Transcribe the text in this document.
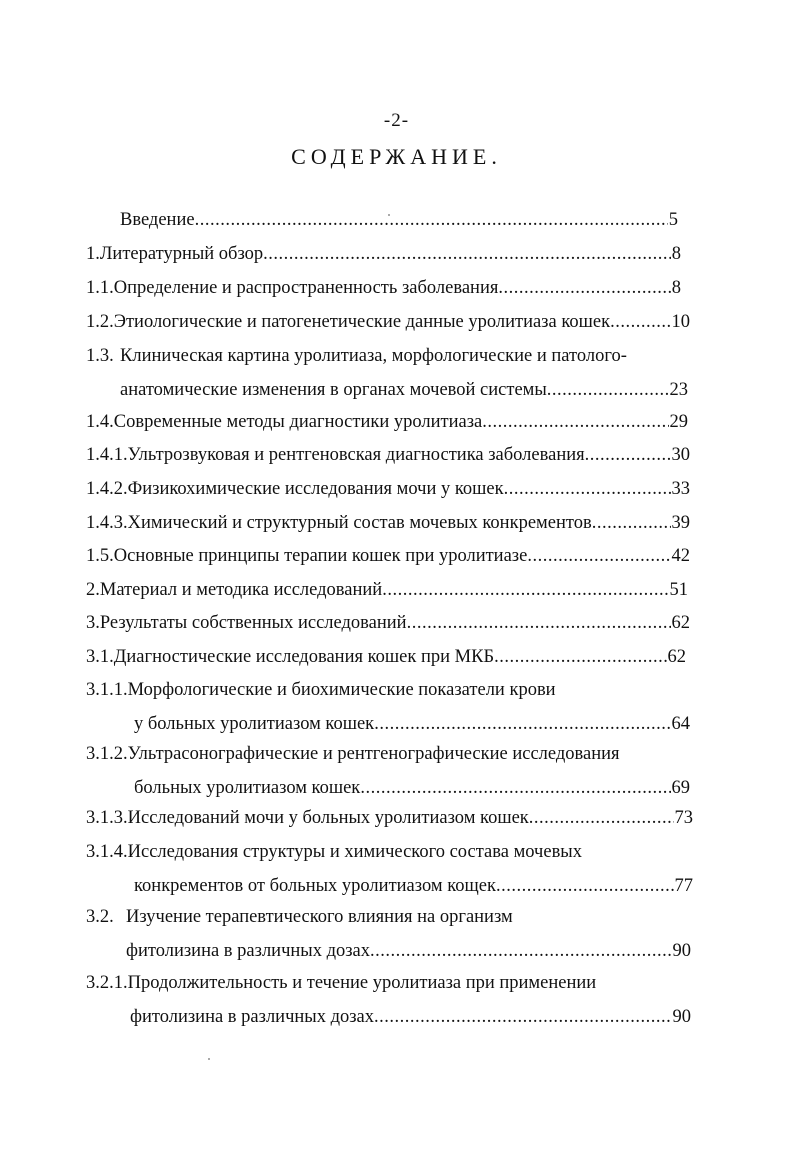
-2-
СОДЕРЖАНИЕ.
Введение .....	5
1. Литературный обзор .....	8
1.1. Определение и распространенность заболевания .....	8
1.2. Этиологические и патогенетические данные уролитиаза кошек .....	10
1.3. Клиническая картина уролитиаза, морфологические и патолого-
анатомические изменения в органах мочевой системы .....	23
1.4. Современные методы диагностики уролитиаза .....	29
1.4.1. Ультрозвуковая и рентгеновская диагностика заболевания .....	30
1.4.2. Физикохимические исследования мочи у кошек .....	33
1.4.3. Химический и структурный состав мочевых конкрементов .....	39
1.5. Основные принципы терапии кошек при уролитиазе .....	42
2. Материал и методика исследований .....	51
3. Результаты собственных исследований .....	62
3.1. Диагностические исследования кошек при МКБ .....	62
3.1.1. Морфологические и биохимические показатели крови
у больных уролитиазом кошек .....	64
3.1.2. Ультрасонографические и рентгенографические исследования
больных уролитиазом кошек .....	69
3.1.3. Исследований мочи у больных уролитиазом кошек .....	73
3.1.4. Исследования структуры и химического состава мочевых
конкрементов от больных уролитиазом кощек .....	77
3.2. Изучение терапевтического влияния на организм
фитолизина в различных дозах .....	90
3.2.1. Продолжительность и течение уролитиаза при применении
фитолизина в различных дозах .....	90
